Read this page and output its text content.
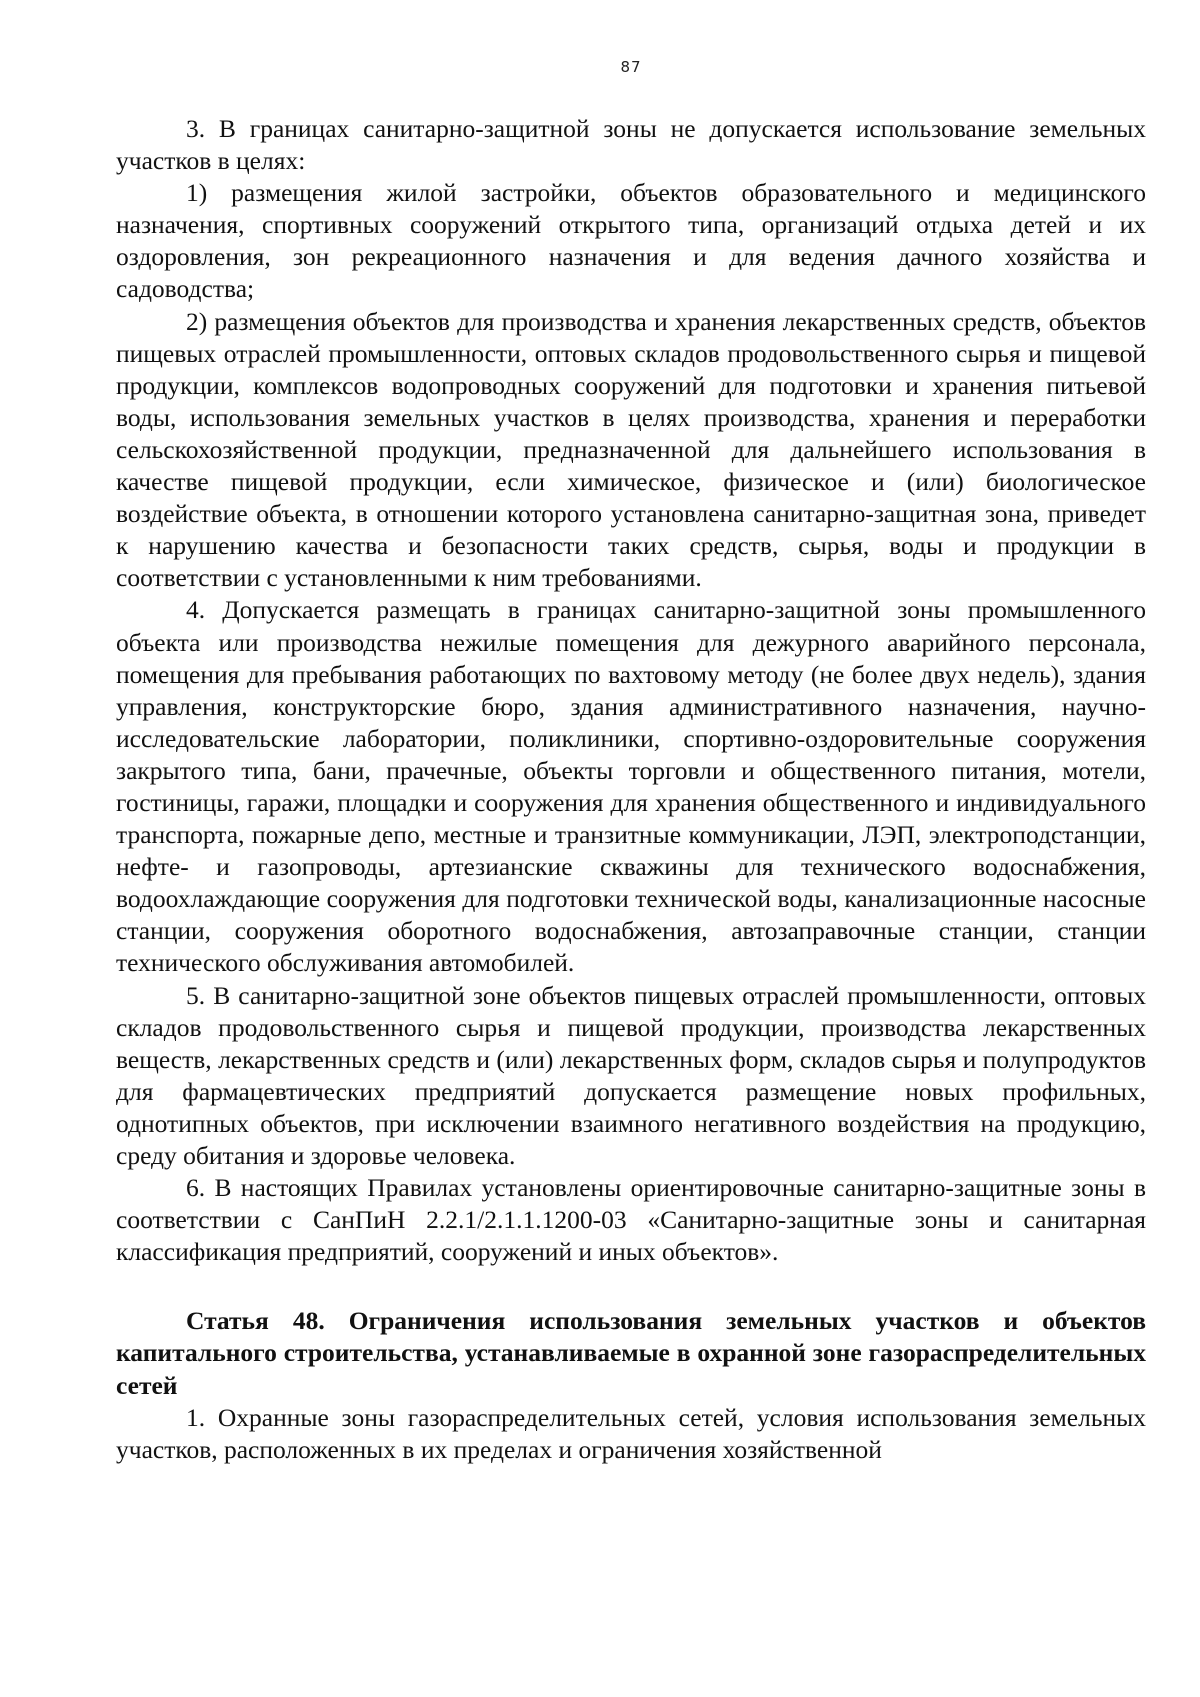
87

3. В границах санитарно-защитной зоны не допускается использование земельных участков в целях:

1) размещения жилой застройки, объектов образовательного и медицинского назначения, спортивных сооружений открытого типа, организаций отдыха детей и их оздоровления, зон рекреационного назначения и для ведения дачного хозяйства и садоводства;

2) размещения объектов для производства и хранения лекарственных средств, объектов пищевых отраслей промышленности, оптовых складов продовольственного сырья и пищевой продукции, комплексов водопроводных сооружений для подготовки и хранения питьевой воды, использования земельных участков в целях производства, хранения и переработки сельскохозяйственной продукции, предназначенной для дальнейшего использования в качестве пищевой продукции, если химическое, физическое и (или) биологическое воздействие объекта, в отношении которого установлена санитарно-защитная зона, приведет к нарушению качества и безопасности таких средств, сырья, воды и продукции в соответствии с установленными к ним требованиями.

4. Допускается размещать в границах санитарно-защитной зоны промышленного объекта или производства нежилые помещения для дежурного аварийного персонала, помещения для пребывания работающих по вахтовому методу (не более двух недель), здания управления, конструкторские бюро, здания административного назначения, научно-исследовательские лаборатории, поликлиники, спортивно-оздоровительные сооружения закрытого типа, бани, прачечные, объекты торговли и общественного питания, мотели, гостиницы, гаражи, площадки и сооружения для хранения общественного и индивидуального транспорта, пожарные депо, местные и транзитные коммуникации, ЛЭП, электроподстанции, нефте- и газопроводы, артезианские скважины для технического водоснабжения, водоохлаждающие сооружения для подготовки технической воды, канализационные насосные станции, сооружения оборотного водоснабжения, автозаправочные станции, станции технического обслуживания автомобилей.

5. В санитарно-защитной зоне объектов пищевых отраслей промышленности, оптовых складов продовольственного сырья и пищевой продукции, производства лекарственных веществ, лекарственных средств и (или) лекарственных форм, складов сырья и полупродуктов для фармацевтических предприятий допускается размещение новых профильных, однотипных объектов, при исключении взаимного негативного воздействия на продукцию, среду обитания и здоровье человека.

6. В настоящих Правилах установлены ориентировочные санитарно-защитные зоны в соответствии с СанПиН 2.2.1/2.1.1.1200-03 «Санитарно-защитные зоны и санитарная классификация предприятий, сооружений и иных объектов».

Статья 48. Ограничения использования земельных участков и объектов капитального строительства, устанавливаемые в охранной зоне газораспределительных сетей

1. Охранные зоны газораспределительных сетей, условия использования земельных участков, расположенных в их пределах и ограничения хозяйственной
